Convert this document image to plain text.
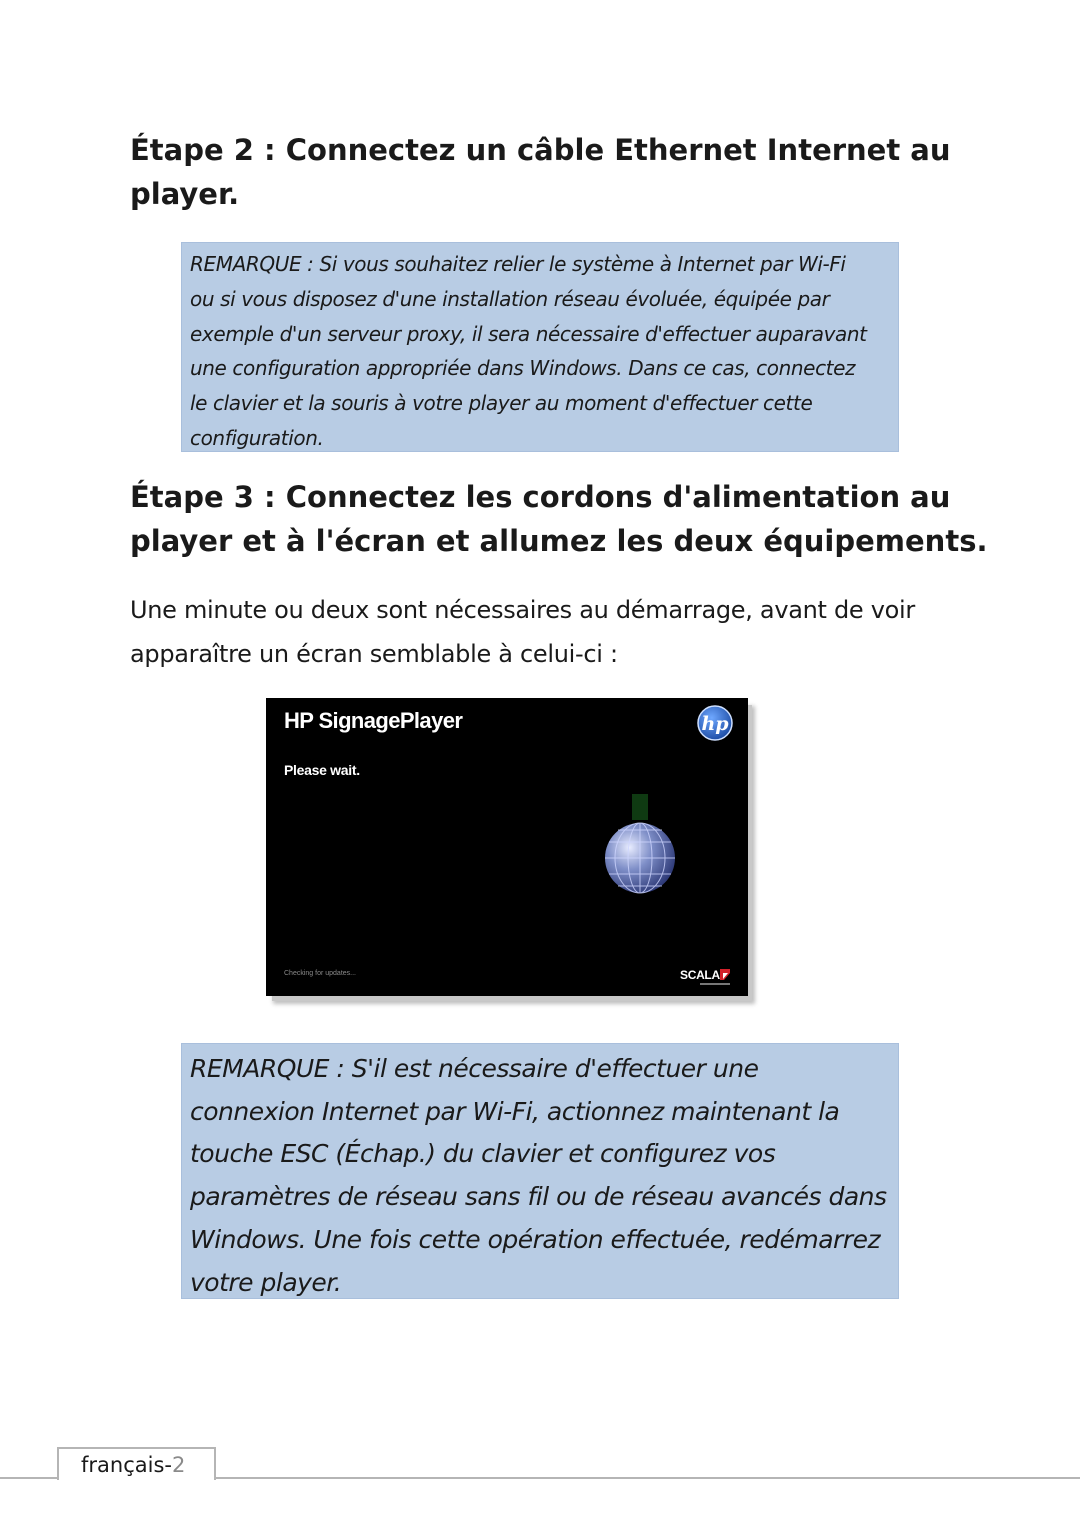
Étape 2 : Connectez un câble Ethernet Internet au
player.
REMARQUE : Si vous souhaitez relier le système à Internet par Wi-Fi
ou si vous disposez d'une installation réseau évoluée, équipée par
exemple d'un serveur proxy, il sera nécessaire d'effectuer auparavant
une configuration appropriée dans Windows. Dans ce cas, connectez
le clavier et la souris à votre player au moment d'effectuer cette
configuration.
Étape 3 : Connectez les cordons d'alimentation au
player et à l'écran et allumez les deux équipements.

Une minute ou deux sont nécessaires au démarrage, avant de voir
apparaître un écran semblable à celui-ci :

HP SignagePlayer
Please wait.
hp
Checking for updates...	SCALA
REMARQUE : S'il est nécessaire d'effectuer une
connexion Internet par Wi-Fi, actionnez maintenant la
touche ESC (Échap.) du clavier et configurez vos
paramètres de réseau sans fil ou de réseau avancés dans
Windows. Une fois cette opération effectuée, redémarrez
votre player.
français-2
